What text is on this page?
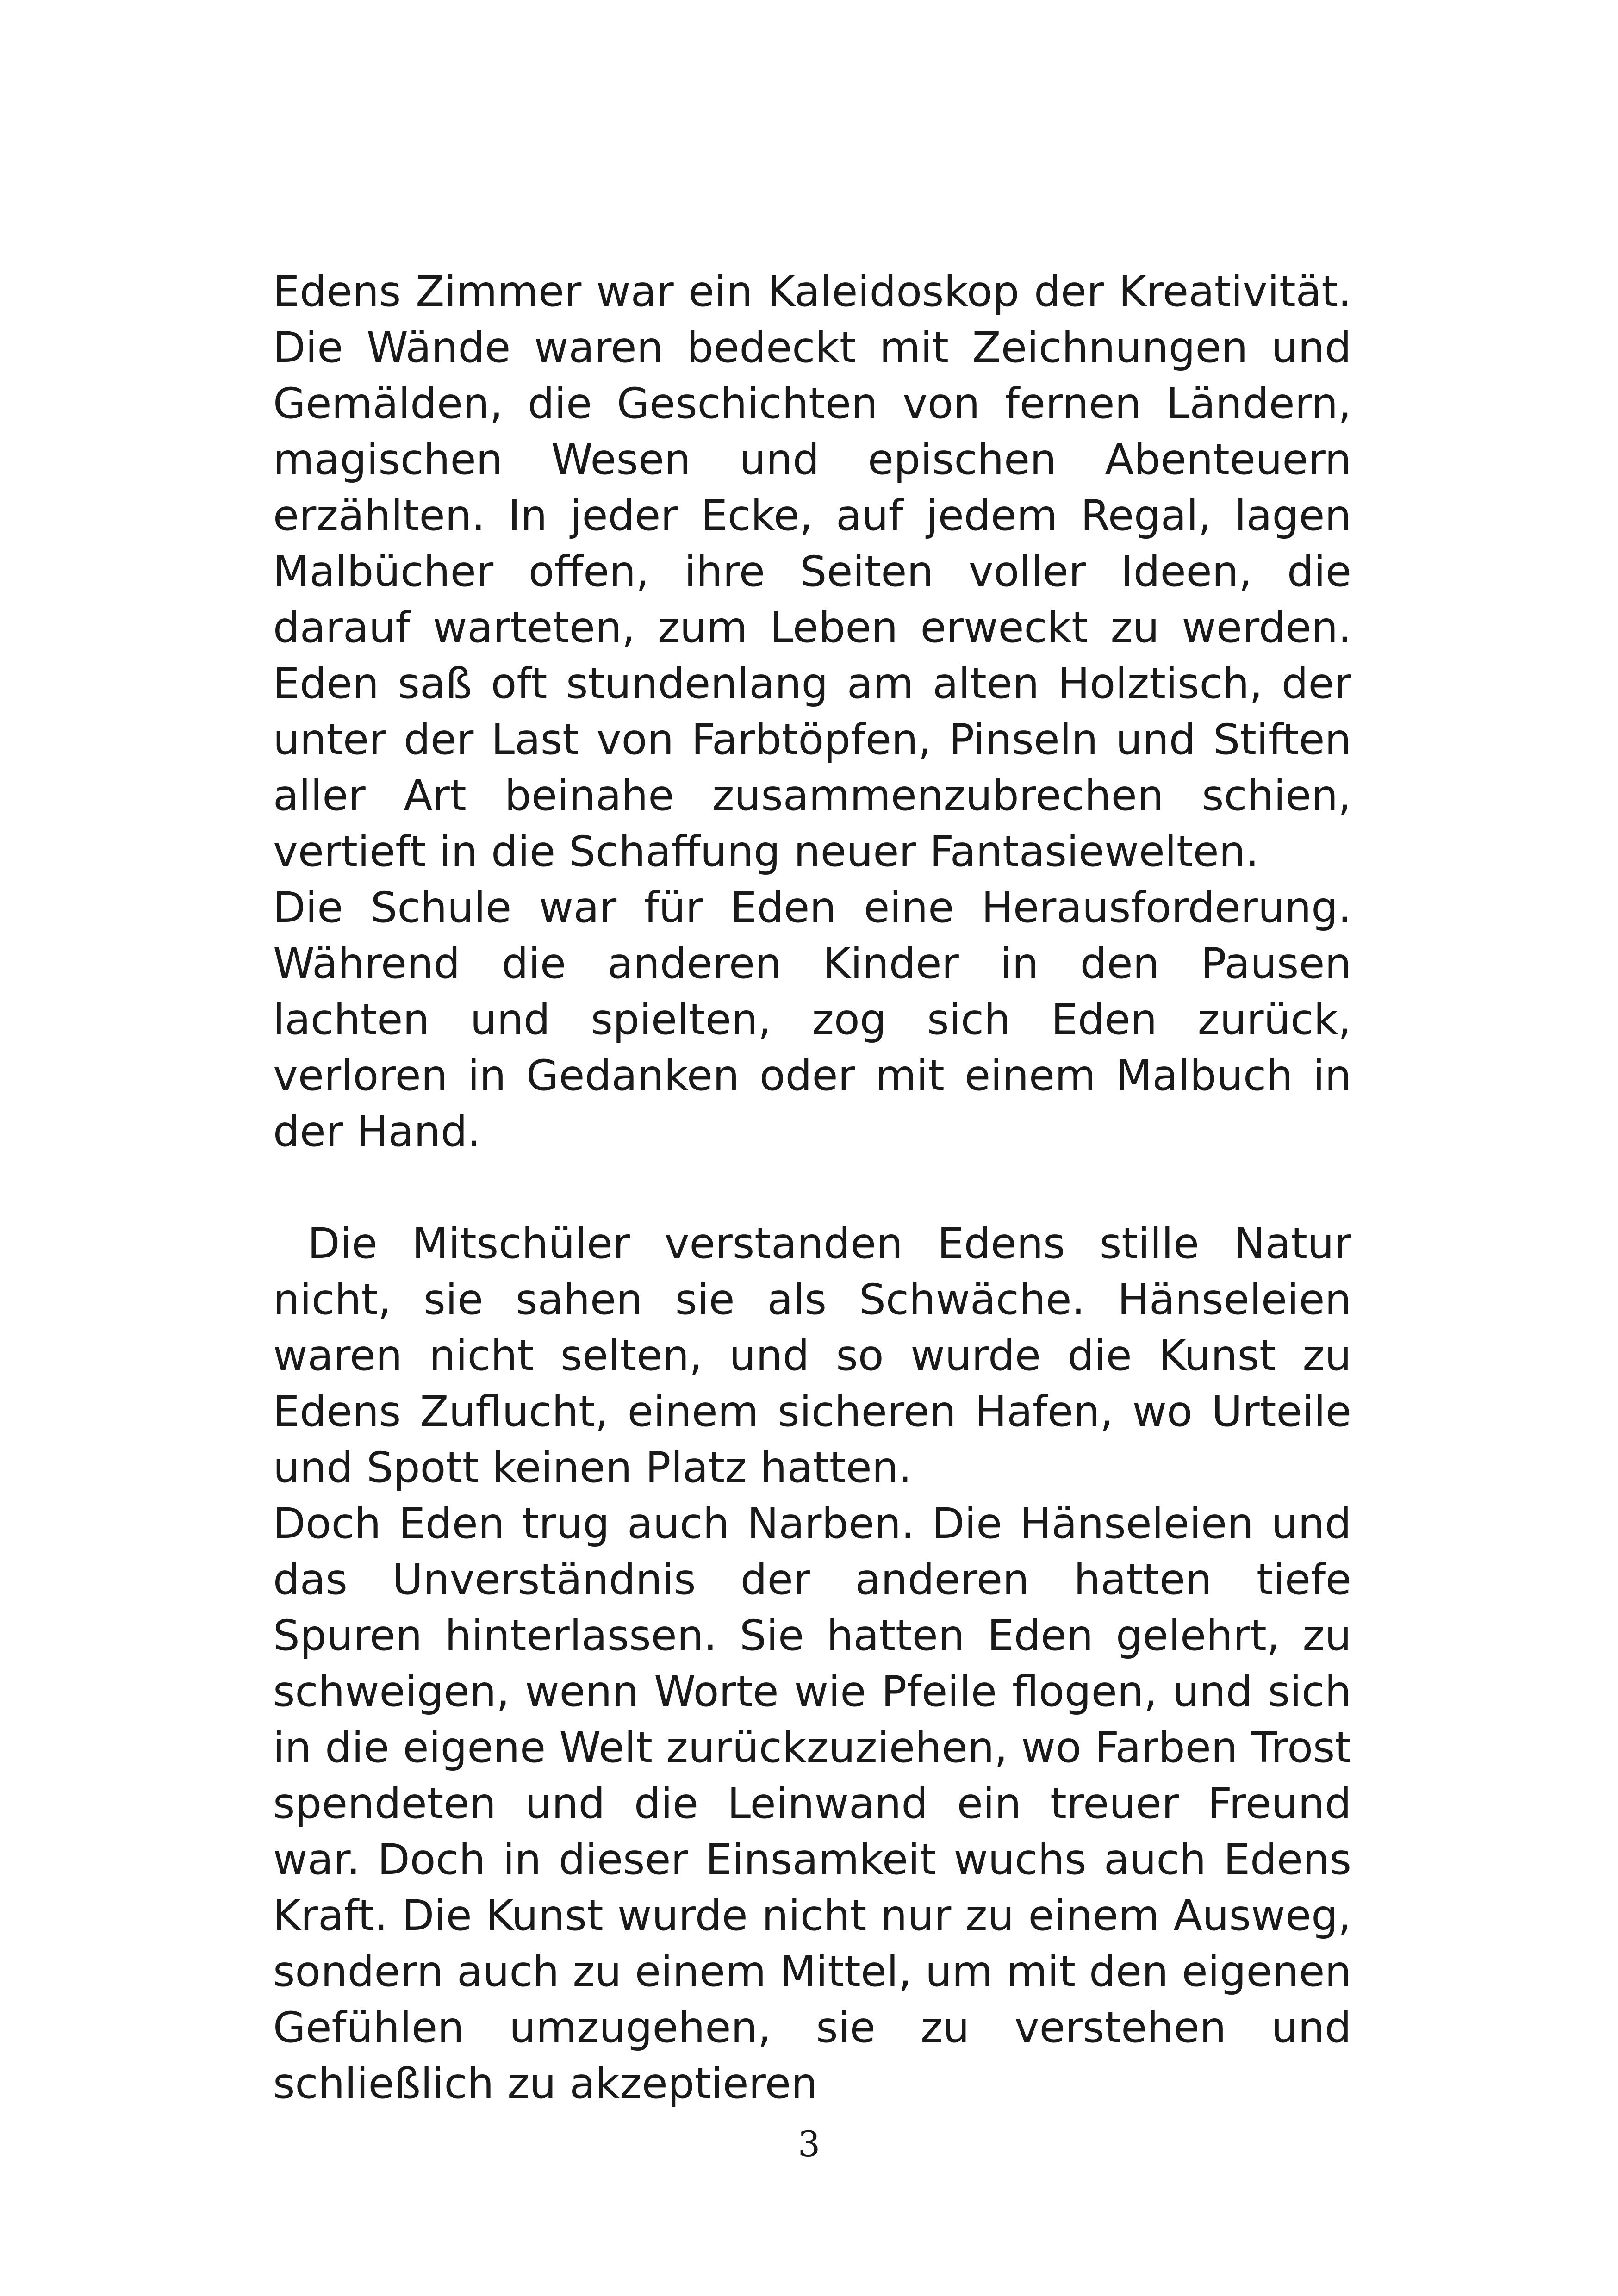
Edens Zimmer war ein Kaleidoskop der Kreativität. Die Wände waren bedeckt mit Zeichnungen und Gemälden, die Geschichten von fernen Ländern, magischen Wesen und epischen Abenteuern erzählten. In jeder Ecke, auf jedem Regal, lagen Malbücher offen, ihre Seiten voller Ideen, die darauf warteten, zum Leben erweckt zu werden. Eden saß oft stundenlang am alten Holztisch, der unter der Last von Farbtöpfen, Pinseln und Stiften aller Art beinahe zusammenzubrechen schien, vertieft in die Schaffung neuer Fantasiewelten.

Die Schule war für Eden eine Herausforderung. Während die anderen Kinder in den Pausen lachten und spielten, zog sich Eden zurück, verloren in Gedanken oder mit einem Malbuch in der Hand.

Die Mitschüler verstanden Edens stille Natur nicht, sie sahen sie als Schwäche. Hänseleien waren nicht selten, und so wurde die Kunst zu Edens Zuflucht, einem sicheren Hafen, wo Urteile und Spott keinen Platz hatten.

Doch Eden trug auch Narben. Die Hänseleien und das Unverständnis der anderen hatten tiefe Spuren hinterlassen. Sie hatten Eden gelehrt, zu schweigen, wenn Worte wie Pfeile flogen, und sich in die eigene Welt zurückzuziehen, wo Farben Trost spendeten und die Leinwand ein treuer Freund war. Doch in dieser Einsamkeit wuchs auch Edens Kraft. Die Kunst wurde nicht nur zu einem Ausweg, sondern auch zu einem Mittel, um mit den eigenen Gefühlen umzugehen, sie zu verstehen und schließlich zu akzeptieren

3
